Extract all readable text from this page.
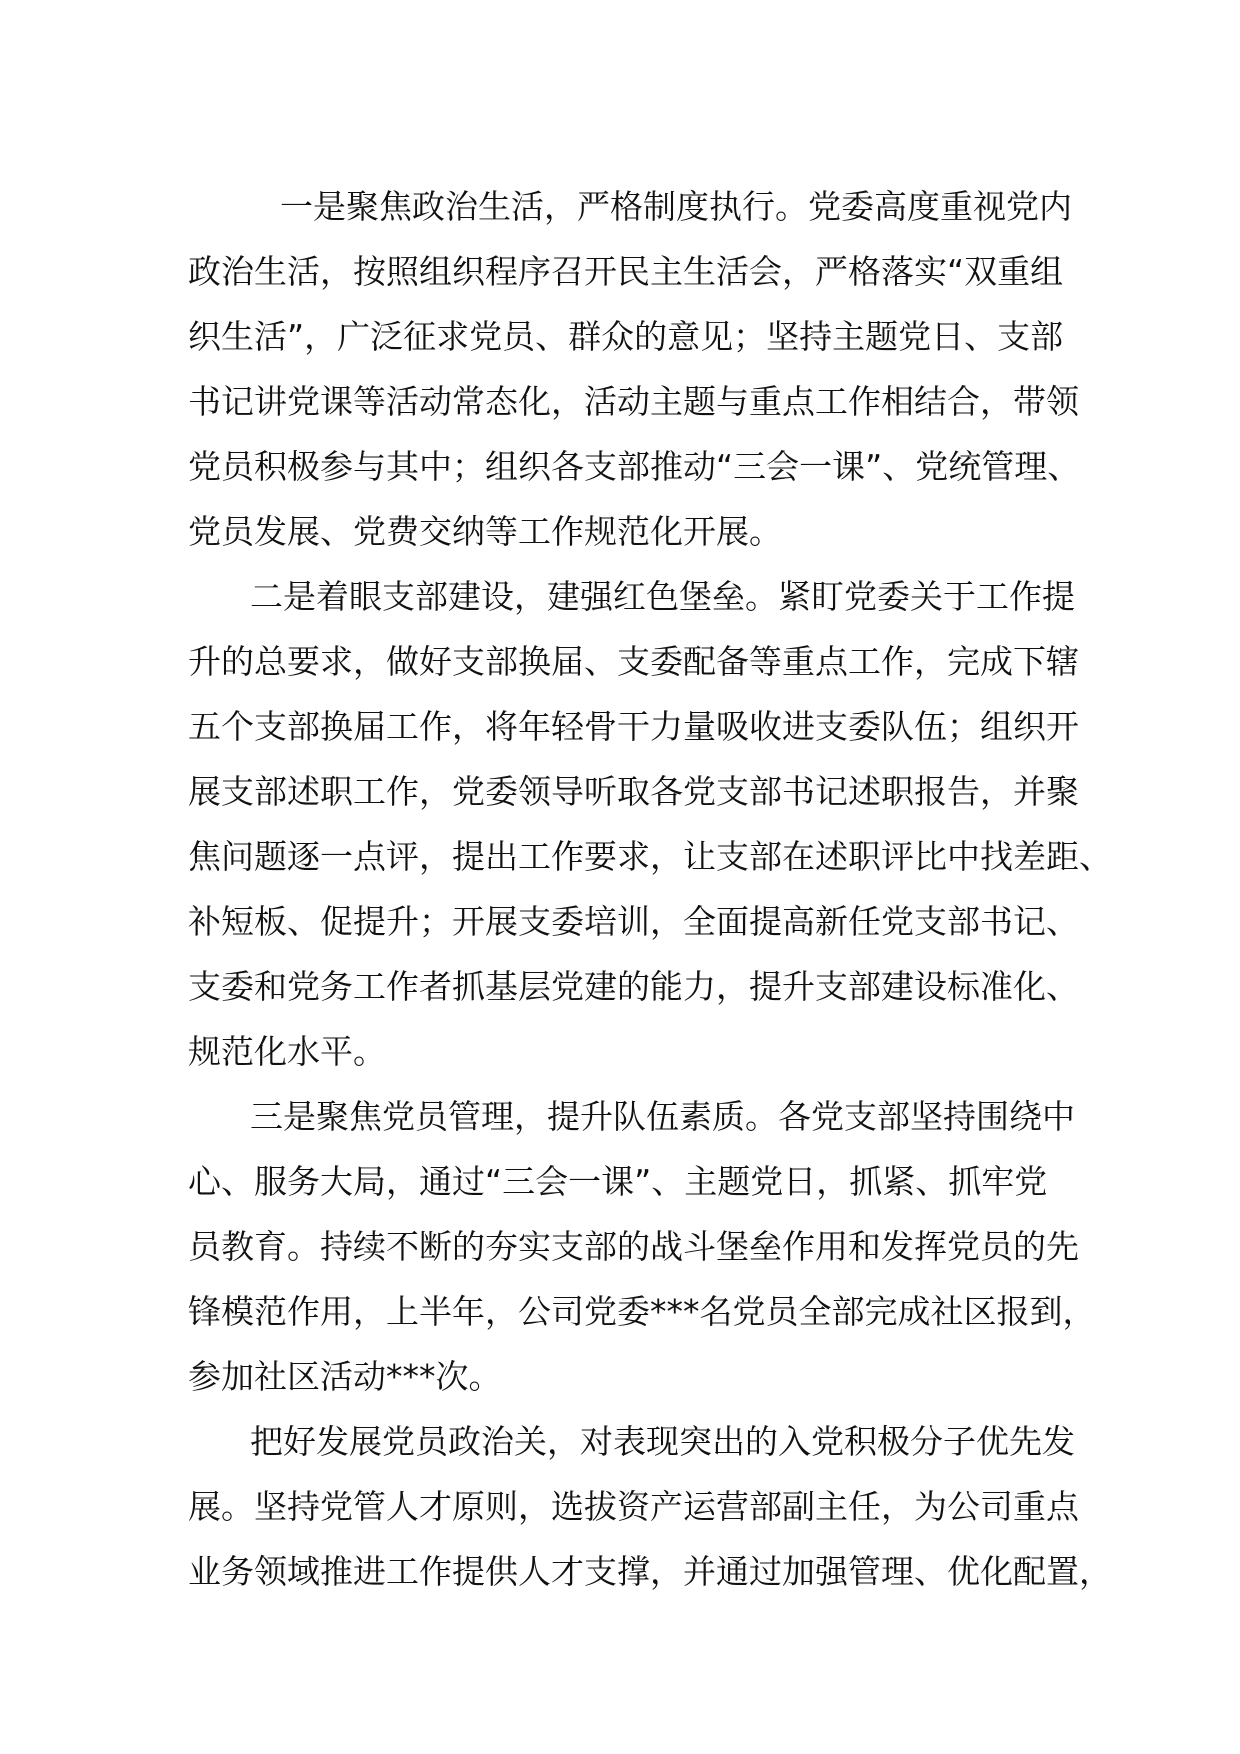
一是聚焦政治生活，严格制度执行。党委高度重视党内
政治生活，按照组织程序召开民主生活会，严格落实“双重组
织生活”，广泛征求党员、群众的意见；坚持主题党日、支部
书记讲党课等活动常态化，活动主题与重点工作相结合，带领
党员积极参与其中；组织各支部推动“三会一课”、党统管理、
党员发展、党费交纳等工作规范化开展。
二是着眼支部建设，建强红色堡垒。紧盯党委关于工作提
升的总要求，做好支部换届、支委配备等重点工作，完成下辖
五个支部换届工作，将年轻骨干力量吸收进支委队伍；组织开
展支部述职工作，党委领导听取各党支部书记述职报告，并聚
焦问题逐一点评，提出工作要求，让支部在述职评比中找差距、
补短板、促提升；开展支委培训，全面提高新任党支部书记、
支委和党务工作者抓基层党建的能力，提升支部建设标准化、
规范化水平。
三是聚焦党员管理，提升队伍素质。各党支部坚持围绕中
心、服务大局，通过“三会一课”、主题党日，抓紧、抓牢党
员教育。持续不断的夯实支部的战斗堡垒作用和发挥党员的先
锋模范作用，上半年，公司党委***名党员全部完成社区报到，
参加社区活动***次。
把好发展党员政治关，对表现突出的入党积极分子优先发
展。坚持党管人才原则，选拔资产运营部副主任，为公司重点
业务领域推进工作提供人才支撑，并通过加强管理、优化配置，
